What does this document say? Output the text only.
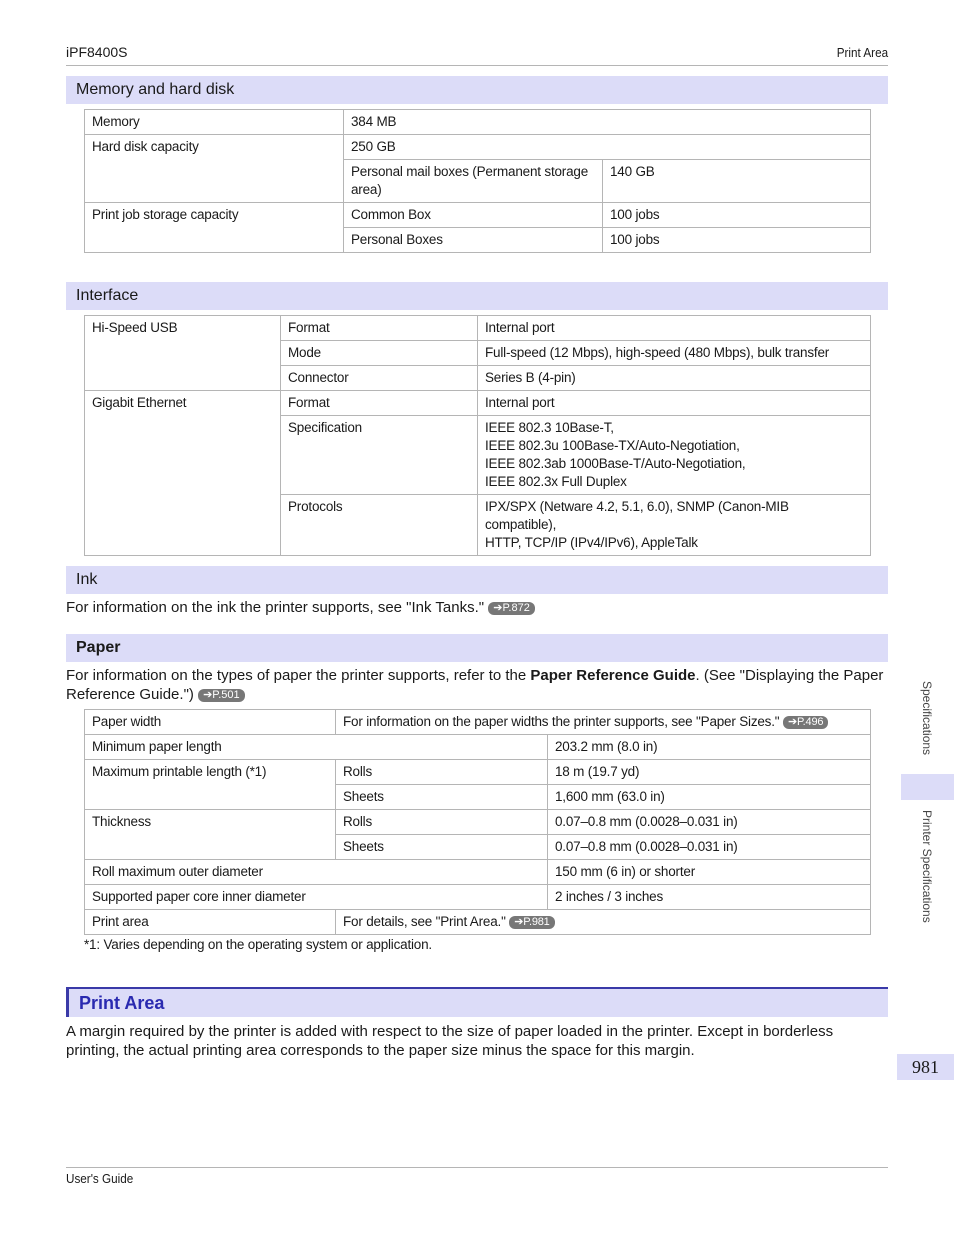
iPF8400S	Print Area
Memory and hard disk
Memory	384 MB	
Hard disk capacity	250 GB	
	Personal mail boxes (Permanent storage area)	140 GB
Print job storage capacity	Common Box	100 jobs
	Personal Boxes	100 jobs
Interface
Hi-Speed USB	Format	Internal port
	Mode	Full-speed (12 Mbps), high-speed (480 Mbps), bulk transfer
	Connector	Series B (4-pin)
Gigabit Ethernet	Format	Internal port
	Specification	IEEE 802.3 10Base-T,
IEEE 802.3u 100Base-TX/Auto-Negotiation,
IEEE 802.3ab 1000Base-T/Auto-Negotiation,
IEEE 802.3x Full Duplex

	Protocols	IPX/SPX (Netware 4.2, 5.1, 6.0), SNMP (Canon-MIB compatible),
HTTP, TCP/IP (IPv4/IPv6), AppleTalk
Ink
For information on the ink the printer supports, see "Ink Tanks." ➔P.872
Paper
For information on the types of paper the printer supports, refer to the Paper Reference Guide. (See "Displaying the Paper Reference Guide.") ➔P.501
Paper width	For information on the paper widths the printer supports, see "Paper Sizes." ➔P.496	
Minimum paper length		203.2 mm (8.0 in)
Maximum printable length (*1)	Rolls	18 m (19.7 yd)
	Sheets	1,600 mm (63.0 in)
Thickness	Rolls	0.07–0.8 mm (0.0028–0.031 in)
	Sheets	0.07–0.8 mm (0.0028–0.031 in)
Roll maximum outer diameter		150 mm (6 in) or shorter
Supported paper core inner diameter		2 inches / 3 inches
Print area	For details, see "Print Area." ➔P.981	
*1: Varies depending on the operating system or application.
Print Area
A margin required by the printer is added with respect to the size of paper loaded in the printer. Except in borderless printing, the actual printing area corresponds to the paper size minus the space for this margin.
Specifications
Printer Specifications
981
User's Guide
